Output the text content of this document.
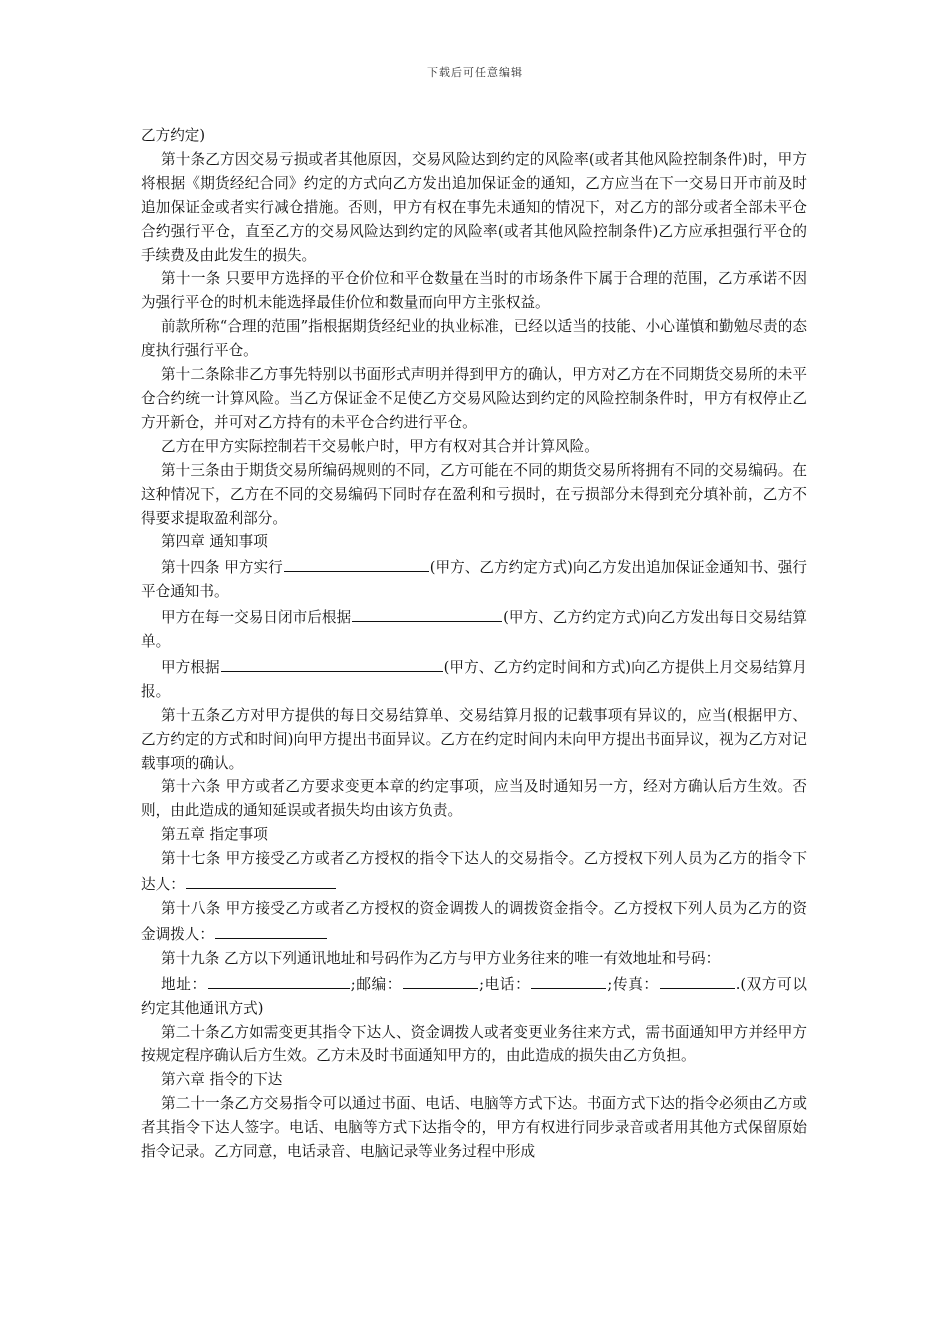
下载后可任意编辑

乙方约定)

第十条乙方因交易亏损或者其他原因，交易风险达到约定的风险率(或者其他风险控制条件)时，甲方将根据《期货经纪合同》约定的方式向乙方发出追加保证金的通知，乙方应当在下一交易日开市前及时追加保证金或者实行减仓措施。否则，甲方有权在事先未通知的情况下，对乙方的部分或者全部未平仓合约强行平仓，直至乙方的交易风险达到约定的风险率(或者其他风险控制条件)乙方应承担强行平仓的手续费及由此发生的损失。

第十一条 只要甲方选择的平仓价位和平仓数量在当时的市场条件下属于合理的范围，乙方承诺不因为强行平仓的时机未能选择最佳价位和数量而向甲方主张权益。

前款所称“合理的范围”指根据期货经纪业的执业标准，已经以适当的技能、小心谨慎和勤勉尽责的态度执行强行平仓。

第十二条除非乙方事先特别以书面形式声明并得到甲方的确认，甲方对乙方在不同期货交易所的未平仓合约统一计算风险。当乙方保证金不足使乙方交易风险达到约定的风险控制条件时，甲方有权停止乙方开新仓，并可对乙方持有的未平仓合约进行平仓。

乙方在甲方实际控制若干交易帐户时，甲方有权对其合并计算风险。

第十三条由于期货交易所编码规则的不同，乙方可能在不同的期货交易所将拥有不同的交易编码。在这种情况下，乙方在不同的交易编码下同时存在盈利和亏损时，在亏损部分未得到充分填补前，乙方不得要求提取盈利部分。

第四章 通知事项

第十四条 甲方实行	(甲方、乙方约定方式)向乙方发出追加保证金通知书、强行平仓通知书。

甲方在每一交易日闭市后根据	(甲方、乙方约定方式)向乙方发出每日交易结算单。

甲方根据	(甲方、乙方约定时间和方式)向乙方提供上月交易结算月报。

第十五条乙方对甲方提供的每日交易结算单、交易结算月报的记载事项有异议的，应当(根据甲方、乙方约定的方式和时间)向甲方提出书面异议。乙方在约定时间内未向甲方提出书面异议，视为乙方对记载事项的确认。

第十六条 甲方或者乙方要求变更本章的约定事项，应当及时通知另一方，经对方确认后方生效。否则，由此造成的通知延误或者损失均由该方负责。

第五章 指定事项

第十七条 甲方接受乙方或者乙方授权的指令下达人的交易指令。乙方授权下列人员为乙方的指令下达人：

第十八条 甲方接受乙方或者乙方授权的资金调拨人的调拨资金指令。乙方授权下列人员为乙方的资金调拨人：

第十九条 乙方以下列通讯地址和号码作为乙方与甲方业务往来的唯一有效地址和号码：

地址：	;邮编：	;电话：	;传真：	.(双方可以约定其他通讯方式)

第二十条乙方如需变更其指令下达人、资金调拨人或者变更业务往来方式，需书面通知甲方并经甲方按规定程序确认后方生效。乙方未及时书面通知甲方的，由此造成的损失由乙方负担。

第六章 指令的下达

第二十一条乙方交易指令可以通过书面、电话、电脑等方式下达。书面方式下达的指令必须由乙方或者其指令下达人签字。电话、电脑等方式下达指令的，甲方有权进行同步录音或者用其他方式保留原始指令记录。乙方同意，电话录音、电脑记录等业务过程中形成
